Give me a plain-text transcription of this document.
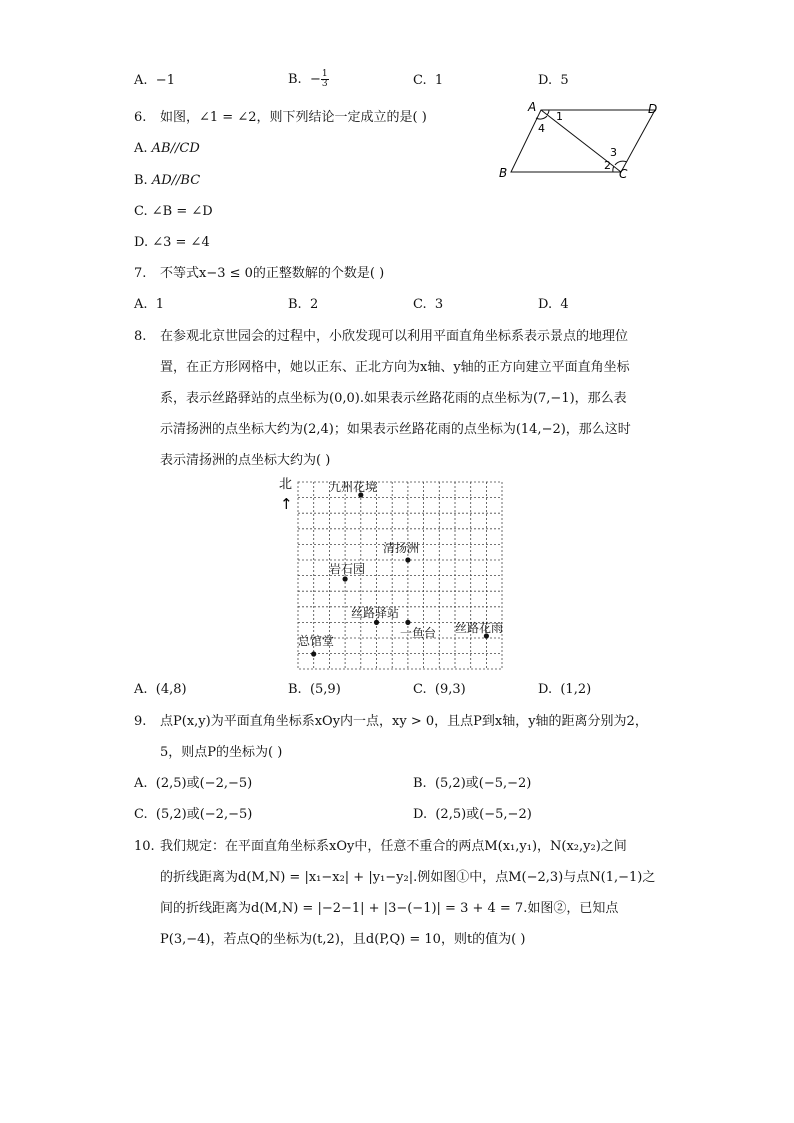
A. −1	B. − $\frac{1}{3}$	C. 1	D. 5
6. 如图，∠1 = ∠2，则下列结论一定成立的是( )
A. AB//CD
B. AD//BC
C. ∠B = ∠D
D. ∠3 = ∠4
A	D
B	C
1
4
2
3
7. 不等式x−3 ≤ 0的正整数解的个数是( )
A. 1	B. 2	C. 3	D. 4
8. 在参观北京世园会的过程中，小欣发现可以利用平面直角坐标系表示景点的地理位
置，在正方形网格中，她以正东、正北方向为x轴、y轴的正方向建立平面直角坐标
系，表示丝路驿站的点坐标为(0,0).如果表示丝路花雨的点坐标为(7,−1)，那么表
示清扬洲的点坐标大约为(2,4)；如果表示丝路花雨的点坐标为(14,−2)，那么这时
表示清扬洲的点坐标大约为( )
北
↑
九州花境
清扬洲
岩石园
丝路驿站
一鱼台 丝路花雨
总馆堂
A. (4,8)	B. (5,9)	C. (9,3)	D. (1,2)
9. 点P(x,y)为平面直角坐标系xOy内一点，xy > 0，且点P到x轴，y轴的距离分别为2，
5，则点P的坐标为( )
A. (2,5)或(−2,−5)	B. (5,2)或(−5,−2)
C. (5,2)或(−2,−5)	D. (2,5)或(−5,−2)
10. 我们规定：在平面直角坐标系xOy中，任意不重合的两点M(x₁,y₁)，N(x₂,y₂)之间
的折线距离为d(M,N) = |x₁−x₂| + |y₁−y₂|.例如图①中，点M(−2,3)与点N(1,−1)之
间的折线距离为d(M,N) = |−2−1| + |3−(−1)| = 3 + 4 = 7.如图②，已知点
P(3,−4)，若点Q的坐标为(t,2)，且d(P,Q) = 10，则t的值为( )
